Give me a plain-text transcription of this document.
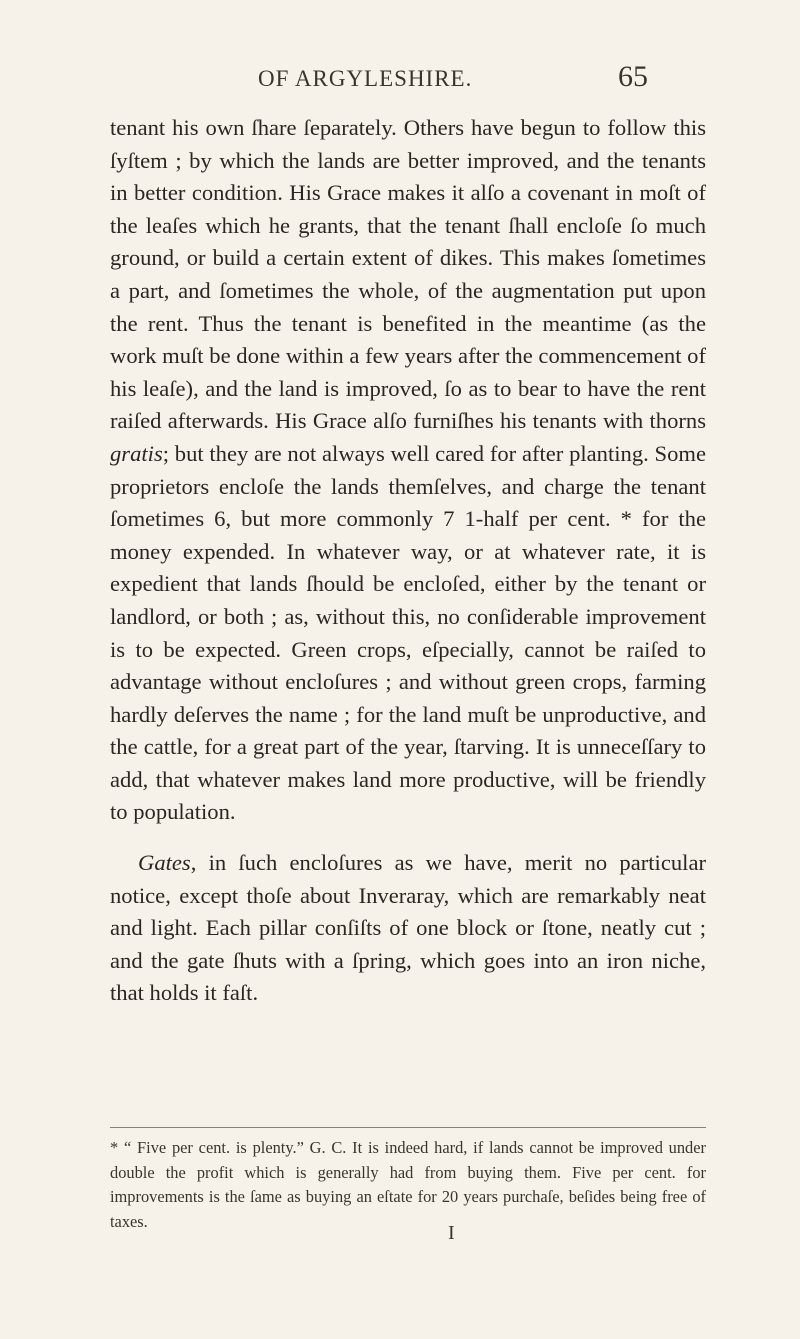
OF ARGYLESHIRE.	65

tenant his own ſhare ſeparately. Others have begun to follow this ſyſtem ; by which the lands are better improved, and the tenants in better condition. His Grace makes it alſo a covenant in moſt of the leaſes which he grants, that the tenant ſhall encloſe ſo much ground, or build a certain extent of dikes. This makes ſometimes a part, and ſometimes the whole, of the augmentation put upon the rent. Thus the tenant is benefited in the meantime (as the work muſt be done within a few years after the commencement of his leaſe), and the land is improved, ſo as to bear to have the rent raiſed afterwards. His Grace alſo furniſhes his tenants with thorns gratis; but they are not always well cared for after planting. Some proprietors encloſe the lands themſelves, and charge the tenant ſometimes 6, but more commonly 7 1-half per cent. * for the money expended. In whatever way, or at whatever rate, it is expedient that lands ſhould be encloſed, either by the tenant or landlord, or both ; as, without this, no conſiderable improvement is to be expected. Green crops, eſpecially, cannot be raiſed to advantage without encloſures ; and without green crops, farming hardly deſerves the name ; for the land muſt be unproductive, and the cattle, for a great part of the year, ſtarving. It is unneceſſary to add, that whatever makes land more productive, will be friendly to population.

Gates, in ſuch encloſures as we have, merit no particular notice, except thoſe about Inveraray, which are remarkably neat and light. Each pillar conſiſts of one block or ſtone, neatly cut ; and the gate ſhuts with a ſpring, which goes into an iron niche, that holds it faſt.

* “ Five per cent. is plenty.” G. C. It is indeed hard, if lands cannot be improved under double the profit which is generally had from buying them. Five per cent. for improvements is the ſame as buying an eſtate for 20 years purchaſe, beſides being free of taxes.
I
